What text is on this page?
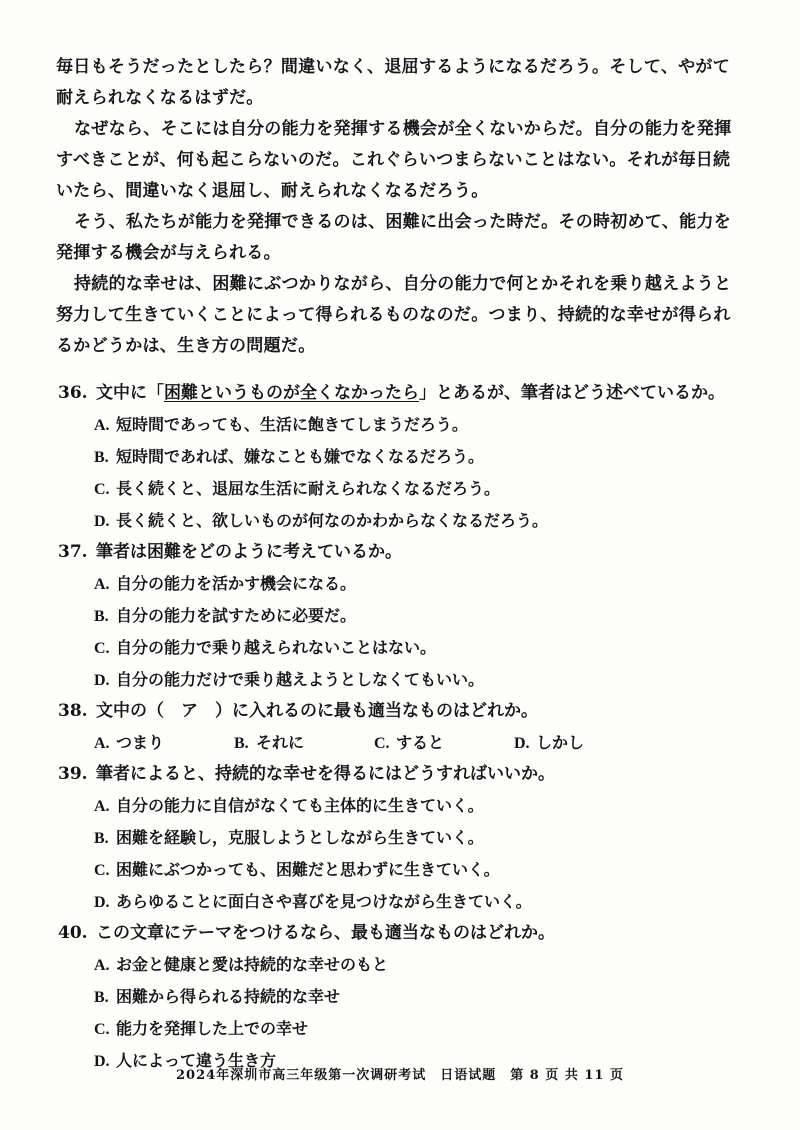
毎日もそうだったとしたら？間違いなく、退屈するようになるだろう。そして、やがて耐えられなくなるはずだ。

なぜなら、そこには自分の能力を発揮する機会が全くないからだ。自分の能力を発揮すべきことが、何も起こらないのだ。これぐらいつまらないことはない。それが毎日続いたら、間違いなく退屈し、耐えられなくなるだろう。

そう、私たちが能力を発揮できるのは、困難に出会った時だ。その時初めて、能力を発揮する機会が与えられる。

持続的な幸せは、困難にぶつかりながら、自分の能力で何とかそれを乗り越えようと努力して生きていくことによって得られるものなのだ。つまり、持続的な幸せが得られるかどうかは、生き方の問題だ。

36. 文中に「困難というものが全くなかったら」とあるが、筆者はどう述べているか。
A. 短時間であっても、生活に飽きてしまうだろう。
B. 短時間であれば、嫌なことも嫌でなくなるだろう。
C. 長く続くと、退屈な生活に耐えられなくなるだろう。
D. 長く続くと、欲しいものが何なのかわからなくなるだろう。
37. 筆者は困難をどのように考えているか。
A. 自分の能力を活かす機会になる。
B. 自分の能力を試すために必要だ。
C. 自分の能力で乗り越えられないことはない。
D. 自分の能力だけで乗り越えようとしなくてもいい。
38. 文中の（　ア　）に入れるのに最も適当なものはどれか。
A. つまり	B. それに	C. すると	D. しかし
39. 筆者によると、持続的な幸せを得るにはどうすればいいか。
A. 自分の能力に自信がなくても主体的に生きていく。
B. 困難を経験し，克服しようとしながら生きていく。
C. 困難にぶつかっても、困難だと思わずに生きていく。
D. あらゆることに面白さや喜びを見つけながら生きていく。
40. この文章にテーマをつけるなら、最も適当なものはどれか。
A. お金と健康と愛は持続的な幸せのもと
B. 困難から得られる持続的な幸せ
C. 能力を発揮した上での幸せ
D. 人によって違う生き方
2024年深圳市高三年级第一次调研考试　日语试题　第 8 页 共 11 页
